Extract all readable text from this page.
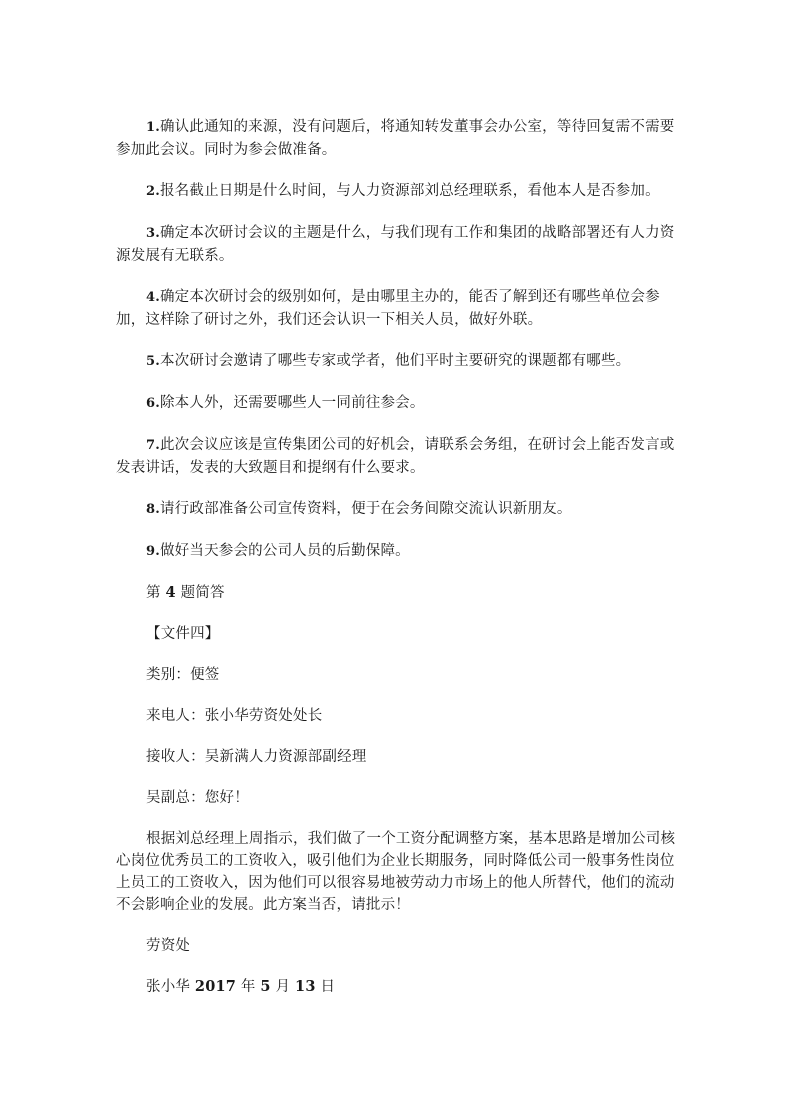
1.确认此通知的来源，没有问题后，将通知转发董事会办公室，等待回复需不需要参加此会议。同时为参会做准备。

2.报名截止日期是什么时间，与人力资源部刘总经理联系，看他本人是否参加。

3.确定本次研讨会议的主题是什么，与我们现有工作和集团的战略部署还有人力资源发展有无联系。

4.确定本次研讨会的级别如何，是由哪里主办的，能否了解到还有哪些单位会参加，这样除了研讨之外，我们还会认识一下相关人员，做好外联。

5.本次研讨会邀请了哪些专家或学者，他们平时主要研究的课题都有哪些。

6.除本人外，还需要哪些人一同前往参会。

7.此次会议应该是宣传集团公司的好机会，请联系会务组，在研讨会上能否发言或发表讲话，发表的大致题目和提纲有什么要求。

8.请行政部准备公司宣传资料，便于在会务间隙交流认识新朋友。

9.做好当天参会的公司人员的后勤保障。

第 4 题简答

【文件四】

类别：便签

来电人：张小华劳资处处长

接收人：吴新满人力资源部副经理

吴副总：您好！

根据刘总经理上周指示，我们做了一个工资分配调整方案，基本思路是增加公司核心岗位优秀员工的工资收入，吸引他们为企业长期服务，同时降低公司一般事务性岗位上员工的工资收入，因为他们可以很容易地被劳动力市场上的他人所替代，他们的流动不会影响企业的发展。此方案当否，请批示！

劳资处

张小华 2017 年 5 月 13 日
